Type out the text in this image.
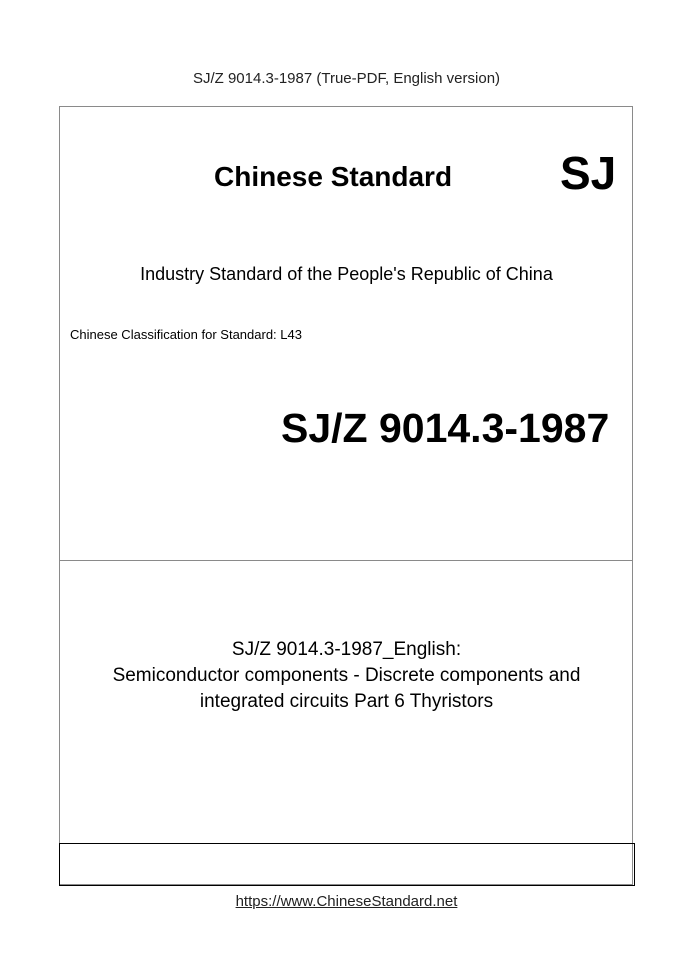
SJ/Z 9014.3-1987 (True-PDF, English version)
Chinese Standard SJ
Industry Standard of the People's Republic of China
Chinese Classification for Standard: L43
SJ/Z 9014.3-1987
SJ/Z 9014.3-1987_English:
Semiconductor components - Discrete components and
integrated circuits Part 6 Thyristors
https://www.ChineseStandard.net
